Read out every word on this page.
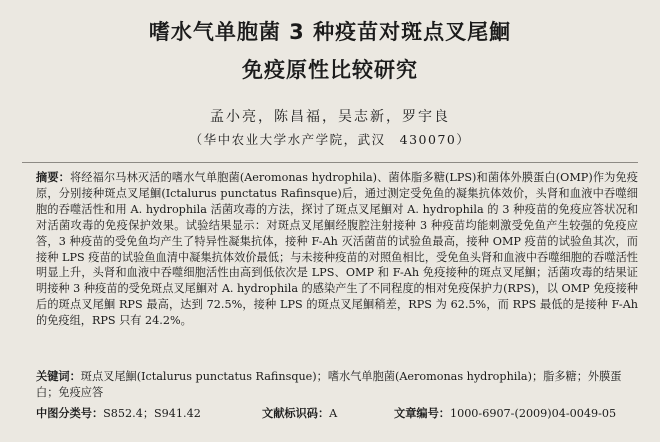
嗜水气单胞菌 3 种疫苗对斑点叉尾鮰
免疫原性比较研究
孟小亮，陈昌福，吴志新，罗宇良
（华中农业大学水产学院，武汉　430070）

摘要：将经福尔马林灭活的嗜水气单胞菌(Aeromonas hydrophila)、菌体脂多糖(LPS)和菌体外膜蛋白(OMP)作为免疫原，分别接种斑点叉尾鮰(Ictalurus punctatus Rafinsque)后，通过测定受免鱼的凝集抗体效价，头肾和血液中吞噬细胞的吞噬活性和用 A. hydrophila 活菌攻毒的方法，探讨了斑点叉尾鮰对 A. hydrophila 的 3 种疫苗的免疫应答状况和对活菌攻毒的免疫保护效果。试验结果显示：对斑点叉尾鮰经腹腔注射接种 3 种疫苗均能刺激受免鱼产生较强的免疫应答，3 种疫苗的受免鱼均产生了特异性凝集抗体，接种 F-Ah 灭活菌苗的试验鱼最高，接种 OMP 疫苗的试验鱼其次，而接种 LPS 疫苗的试验鱼血清中凝集抗体效价最低；与未接种疫苗的对照鱼相比，受免鱼头肾和血液中吞噬细胞的吞噬活性明显上升，头肾和血液中吞噬细胞活性由高到低依次是 LPS、OMP 和 F-Ah 免疫接种的斑点叉尾鮰；活菌攻毒的结果证明接种 3 种疫苗的受免斑点叉尾鮰对 A. hydrophila 的感染产生了不同程度的相对免疫保护力(RPS)，以 OMP 免疫接种后的斑点叉尾鮰 RPS 最高，达到 72.5%，接种 LPS 的斑点叉尾鮰稍差，RPS 为 62.5%，而 RPS 最低的是接种 F-Ah 的免疫组，RPS 只有 24.2%。

关键词：斑点叉尾鮰(Ictalurus punctatus Rafinsque)；嗜水气单胞菌(Aeromonas hydrophila)；脂多糖；外膜蛋白；免疫应答
中图分类号：S852.4；S941.42	文献标识码：A	文章编号：1000-6907-(2009)04-0049-05
